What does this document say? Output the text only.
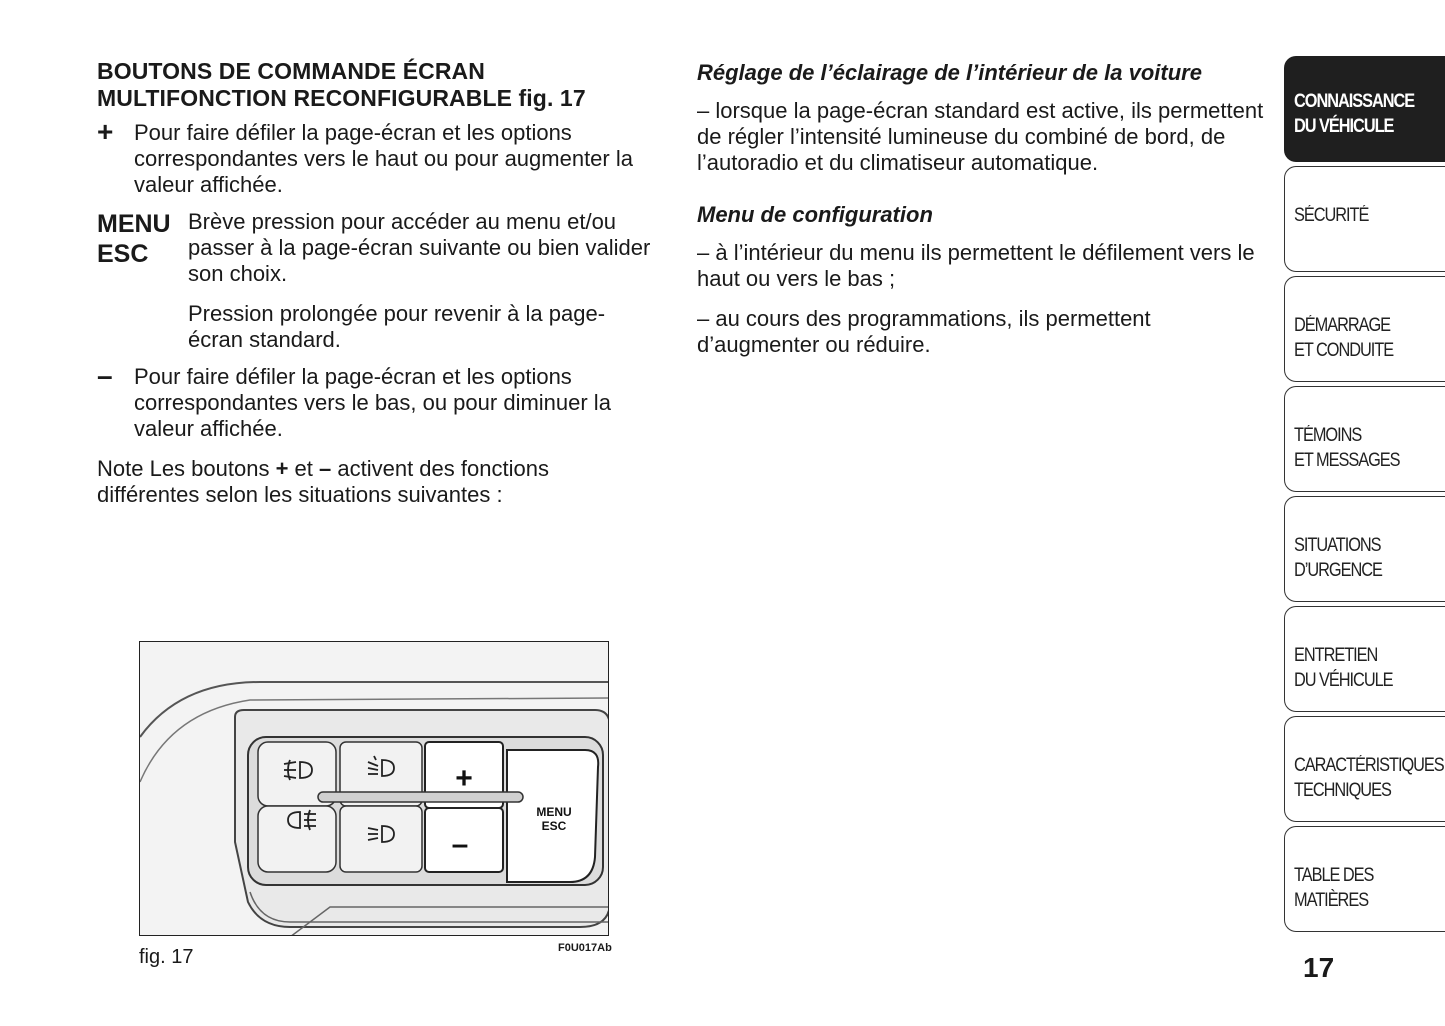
BOUTONS DE COMMANDE ÉCRAN
MULTIFONCTION RECONFIGURABLE fig. 17
+ Pour faire défiler la page-écran et les options correspondantes vers le haut ou pour augmenter la valeur affichée.
MENU
ESC

Brève pression pour accéder au menu et/ou passer à la page-écran suivante ou bien valider son choix.

Pression prolongée pour revenir à la page-écran standard.

– Pour faire défiler la page-écran et les options correspondantes vers le bas, ou pour diminuer la valeur affichée.
Note Les boutons + et – activent des fonctions différentes selon les situations suivantes :
Réglage de l’éclairage de l’intérieur de la voiture
– lorsque la page-écran standard est active, ils permettent de régler l’intensité lumineuse du combiné de bord, de l’autoradio et du climatiseur automatique.
Menu de configuration
– à l’intérieur du menu ils permettent le défilement vers le haut ou vers le bas ;
– au cours des programmations, ils permettent d’augmenter ou réduire.
+
–
MENU
ESC
fig. 17	F0U017Ab
CONNAISSANCE
DU VÉHICULE
SÉCURITÉ
DÉMARRAGE
ET CONDUITE
TÉMOINS
ET MESSAGES
SITUATIONS
D’URGENCE
ENTRETIEN
DU VÉHICULE
CARACTÉRISTIQUES
TECHNIQUES
TABLE DES
MATIÈRES
17
